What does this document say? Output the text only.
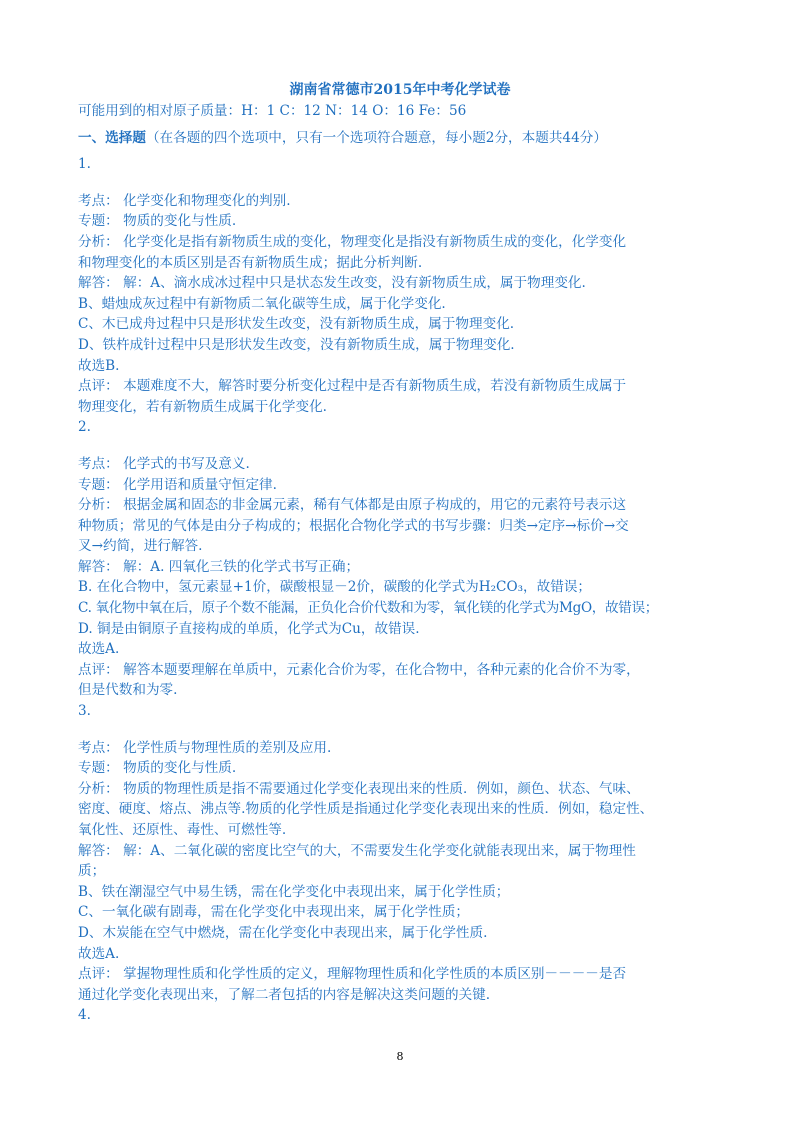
湖南省常德市2015年中考化学试卷
可能用到的相对原子质量：H：1 C：12 N：14 O：16 Fe：56
一、选择题（在各题的四个选项中，只有一个选项符合题意，每小题2分，本题共44分）
1.
考点： 化学变化和物理变化的判别.
专题： 物质的变化与性质.
分析： 化学变化是指有新物质生成的变化，物理变化是指没有新物质生成的变化，化学变化
和物理变化的本质区别是否有新物质生成；据此分析判断.
解答： 解：A、滴水成冰过程中只是状态发生改变，没有新物质生成，属于物理变化.
B、蜡烛成灰过程中有新物质二氧化碳等生成，属于化学变化.
C、木已成舟过程中只是形状发生改变，没有新物质生成，属于物理变化.
D、铁杵成针过程中只是形状发生改变，没有新物质生成，属于物理变化.
故选B.
点评： 本题难度不大，解答时要分析变化过程中是否有新物质生成，若没有新物质生成属于
物理变化，若有新物质生成属于化学变化.
2.
考点： 化学式的书写及意义.
专题： 化学用语和质量守恒定律.
分析： 根据金属和固态的非金属元素，稀有气体都是由原子构成的，用它的元素符号表示这
种物质；常见的气体是由分子构成的；根据化合物化学式的书写步骤：归类→定序→标价→交
叉→约简，进行解答.
解答： 解：A. 四氧化三铁的化学式书写正确；
B. 在化合物中，氢元素显+1价，碳酸根显－2价，碳酸的化学式为H₂CO₃，故错误；
C. 氧化物中氧在后，原子个数不能漏，正负化合价代数和为零，氧化镁的化学式为MgO，故错误；
D. 铜是由铜原子直接构成的单质，化学式为Cu，故错误.
故选A.
点评： 解答本题要理解在单质中，元素化合价为零，在化合物中，各种元素的化合价不为零，
但是代数和为零.
3.
考点： 化学性质与物理性质的差别及应用.
专题： 物质的变化与性质.
分析： 物质的物理性质是指不需要通过化学变化表现出来的性质．例如，颜色、状态、气味、
密度、硬度、熔点、沸点等.物质的化学性质是指通过化学变化表现出来的性质．例如，稳定性、
氧化性、还原性、毒性、可燃性等.
解答： 解：A、二氧化碳的密度比空气的大，不需要发生化学变化就能表现出来，属于物理性
质；
B、铁在潮湿空气中易生锈，需在化学变化中表现出来，属于化学性质；
C、一氧化碳有剧毒，需在化学变化中表现出来，属于化学性质；
D、木炭能在空气中燃烧，需在化学变化中表现出来，属于化学性质.
故选A.
点评： 掌握物理性质和化学性质的定义，理解物理性质和化学性质的本质区别－－－－是否
通过化学变化表现出来，了解二者包括的内容是解决这类问题的关键.
4.
8
